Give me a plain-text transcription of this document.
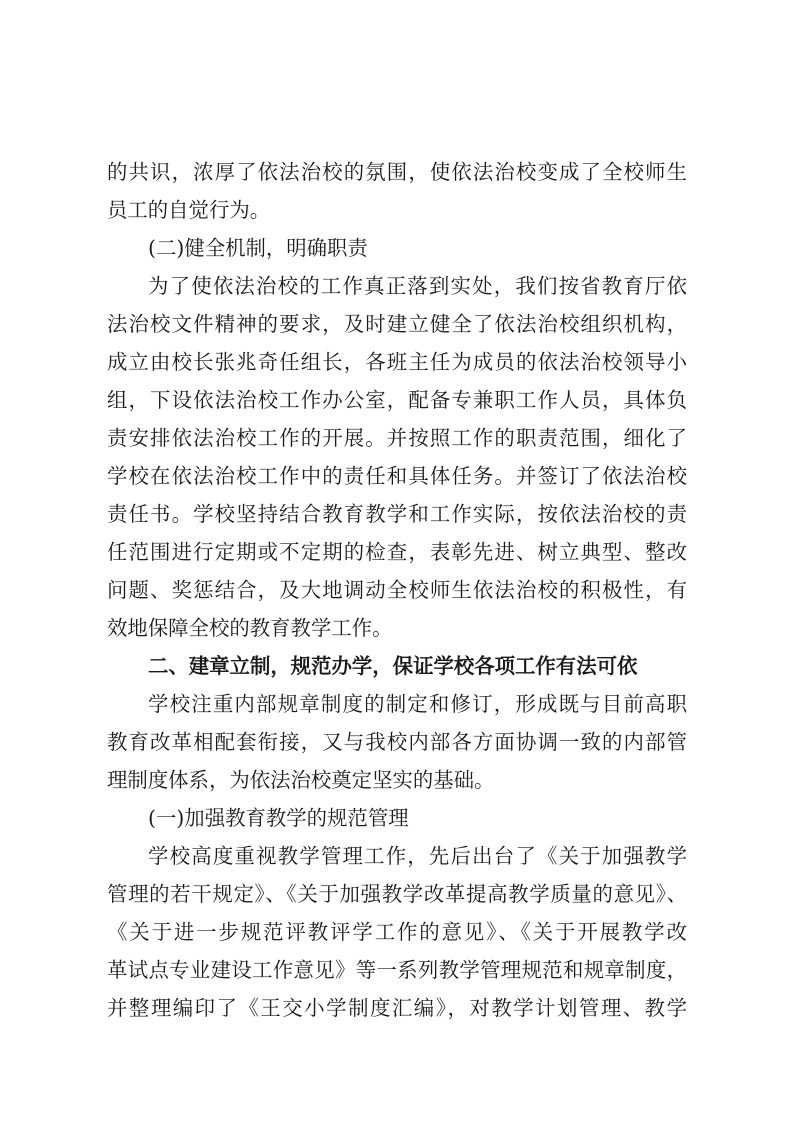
的共识，浓厚了依法治校的氛围，使依法治校变成了全校师生
员工的自觉行为。
(二)健全机制，明确职责
为了使依法治校的工作真正落到实处，我们按省教育厅依
法治校文件精神的要求，及时建立健全了依法治校组织机构，
成立由校长张兆奇任组长，各班主任为成员的依法治校领导小
组，下设依法治校工作办公室，配备专兼职工作人员，具体负
责安排依法治校工作的开展。并按照工作的职责范围，细化了
学校在依法治校工作中的责任和具体任务。并签订了依法治校
责任书。学校坚持结合教育教学和工作实际，按依法治校的责
任范围进行定期或不定期的检查，表彰先进、树立典型、整改
问题、奖惩结合，及大地调动全校师生依法治校的积极性，有
效地保障全校的教育教学工作。
二、建章立制，规范办学，保证学校各项工作有法可依
学校注重内部规章制度的制定和修订，形成既与目前高职
教育改革相配套衔接，又与我校内部各方面协调一致的内部管
理制度体系，为依法治校奠定坚实的基础。
(一)加强教育教学的规范管理
学校高度重视教学管理工作，先后出台了《关于加强教学
管理的若干规定》、《关于加强教学改革提高教学质量的意见》、
《关于进一步规范评教评学工作的意见》、《关于开展教学改
革试点专业建设工作意见》等一系列教学管理规范和规章制度，
并整理编印了《王交小学制度汇编》，对教学计划管理、教学
